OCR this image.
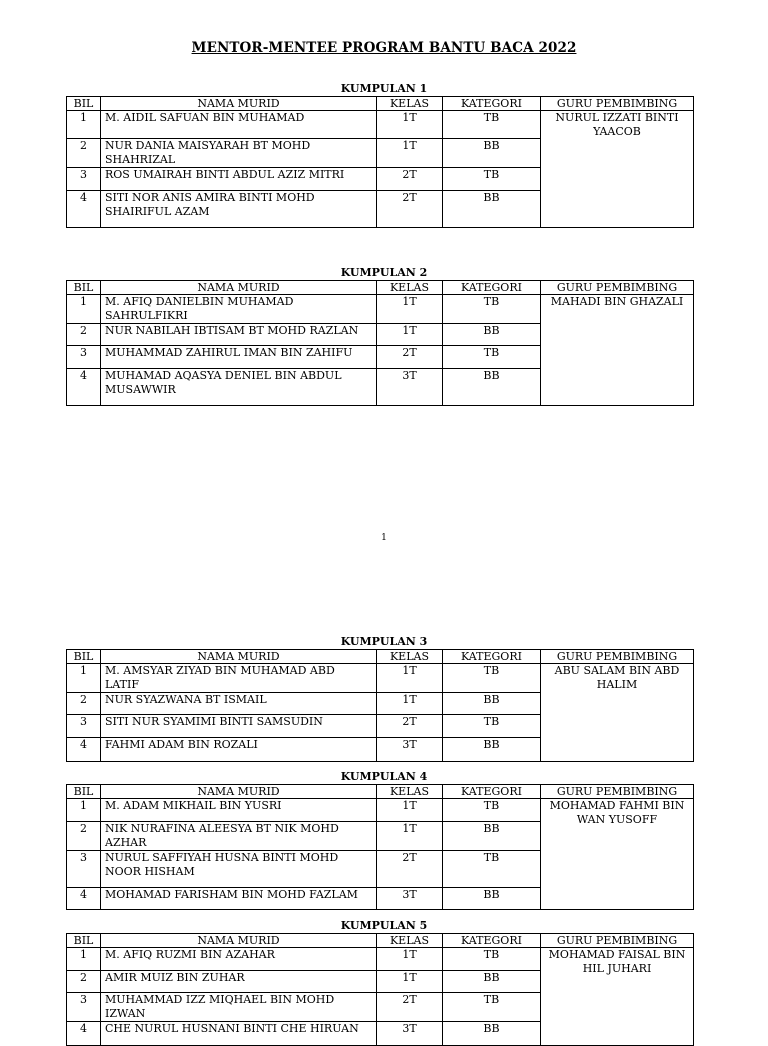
MENTOR-MENTEE PROGRAM BANTU BACA 2022
1
KUMPULAN 1
BIL	NAMA MURID	KELAS	KATEGORI	GURU PEMBIMBING
1	M. AIDIL SAFUAN BIN MUHAMAD	1T	TB	NURUL IZZATI BINTI YAACOB
2	NUR DANIA MAISYARAH BT MOHD SHAHRIZAL	1T	BB	
3	ROS UMAIRAH BINTI ABDUL AZIZ MITRI	2T	TB	
4	SITI NOR ANIS AMIRA BINTI MOHD SHAIRIFUL AZAM	2T	BB	
KUMPULAN 2
BIL	NAMA MURID	KELAS	KATEGORI	GURU PEMBIMBING
1	M. AFIQ DANIELBIN MUHAMAD SAHRULFIKRI	1T	TB	MAHADI BIN GHAZALI
2	NUR NABILAH IBTISAM BT MOHD RAZLAN	1T	BB	
3	MUHAMMAD ZAHIRUL IMAN BIN ZAHIFU	2T	TB	
4	MUHAMAD AQASYA DENIEL BIN ABDUL MUSAWWIR	3T	BB	
KUMPULAN 3
BIL	NAMA MURID	KELAS	KATEGORI	GURU PEMBIMBING
1	M. AMSYAR ZIYAD BIN MUHAMAD ABD LATIF	1T	TB	ABU SALAM BIN ABD HALIM
2	NUR SYAZWANA BT ISMAIL	1T	BB	
3	SITI NUR SYAMIMI BINTI SAMSUDIN	2T	TB	
4	FAHMI ADAM BIN ROZALI	3T	BB	
KUMPULAN 4
BIL	NAMA MURID	KELAS	KATEGORI	GURU PEMBIMBING
1	M. ADAM MIKHAIL BIN YUSRI	1T	TB	MOHAMAD FAHMI BIN WAN YUSOFF
2	NIK NURAFINA ALEESYA BT NIK MOHD AZHAR	1T	BB	
3	NURUL SAFFIYAH HUSNA BINTI MOHD NOOR HISHAM	2T	TB	
4	MOHAMAD FARISHAM BIN MOHD FAZLAM	3T	BB	
KUMPULAN 5
BIL	NAMA MURID	KELAS	KATEGORI	GURU PEMBIMBING
1	M. AFIQ RUZMI BIN AZAHAR	1T	TB	MOHAMAD FAISAL BIN HIL JUHARI
2	AMIR MUIZ BIN ZUHAR	1T	BB	
3	MUHAMMAD IZZ MIQHAEL BIN MOHD IZWAN	2T	TB	
4	CHE NURUL HUSNANI BINTI CHE HIRUAN	3T	BB	
